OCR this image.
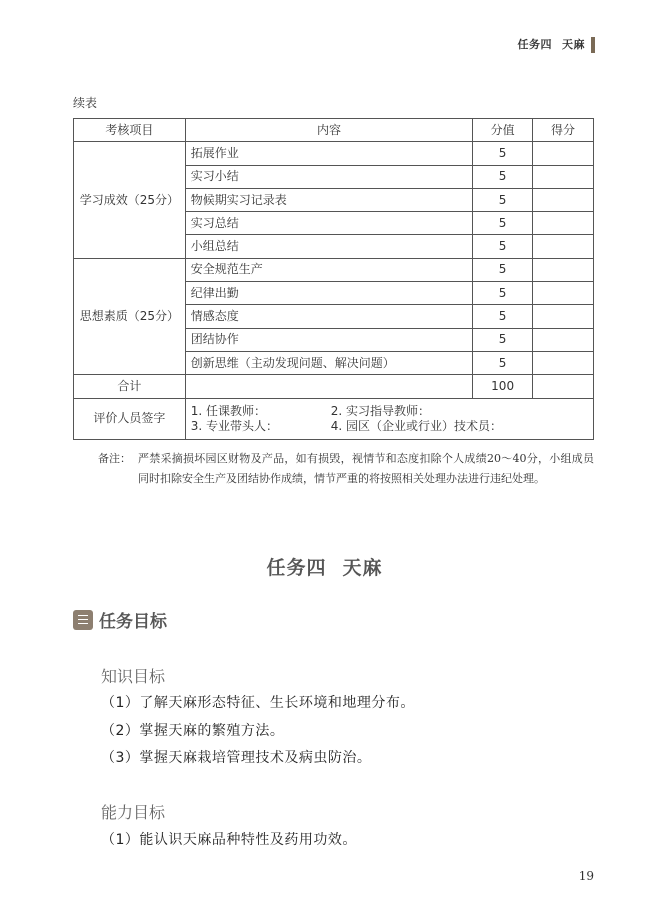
任务四 天麻
续表
考核项目	内容	分值	得分
学习成效（25分）	拓展作业	5	
	实习小结	5	
	物候期实习记录表	5	
	实习总结	5	
	小组总结	5	
思想素质（25分）	安全规范生产	5	
	纪律出勤	5	
	情感态度	5	
	团结协作	5	
	创新思维（主动发现问题、解决问题）	5	
合计		100	
评价人员签字	1. 任课教师： 2. 实习指导教师：
3. 专业带头人： 4. 园区（企业或行业）技术员：		
备注： 严禁采摘损坏园区财物及产品，如有损毁，视情节和态度扣除个人成绩20～40分，小组成员同时扣除安全生产及团结协作成绩，情节严重的将按照相关处理办法进行违纪处理。
任务四 天麻
任务目标
知识目标
（1）了解天麻形态特征、生长环境和地理分布。
（2）掌握天麻的繁殖方法。
（3）掌握天麻栽培管理技术及病虫防治。
能力目标
（1）能认识天麻品种特性及药用功效。
19
